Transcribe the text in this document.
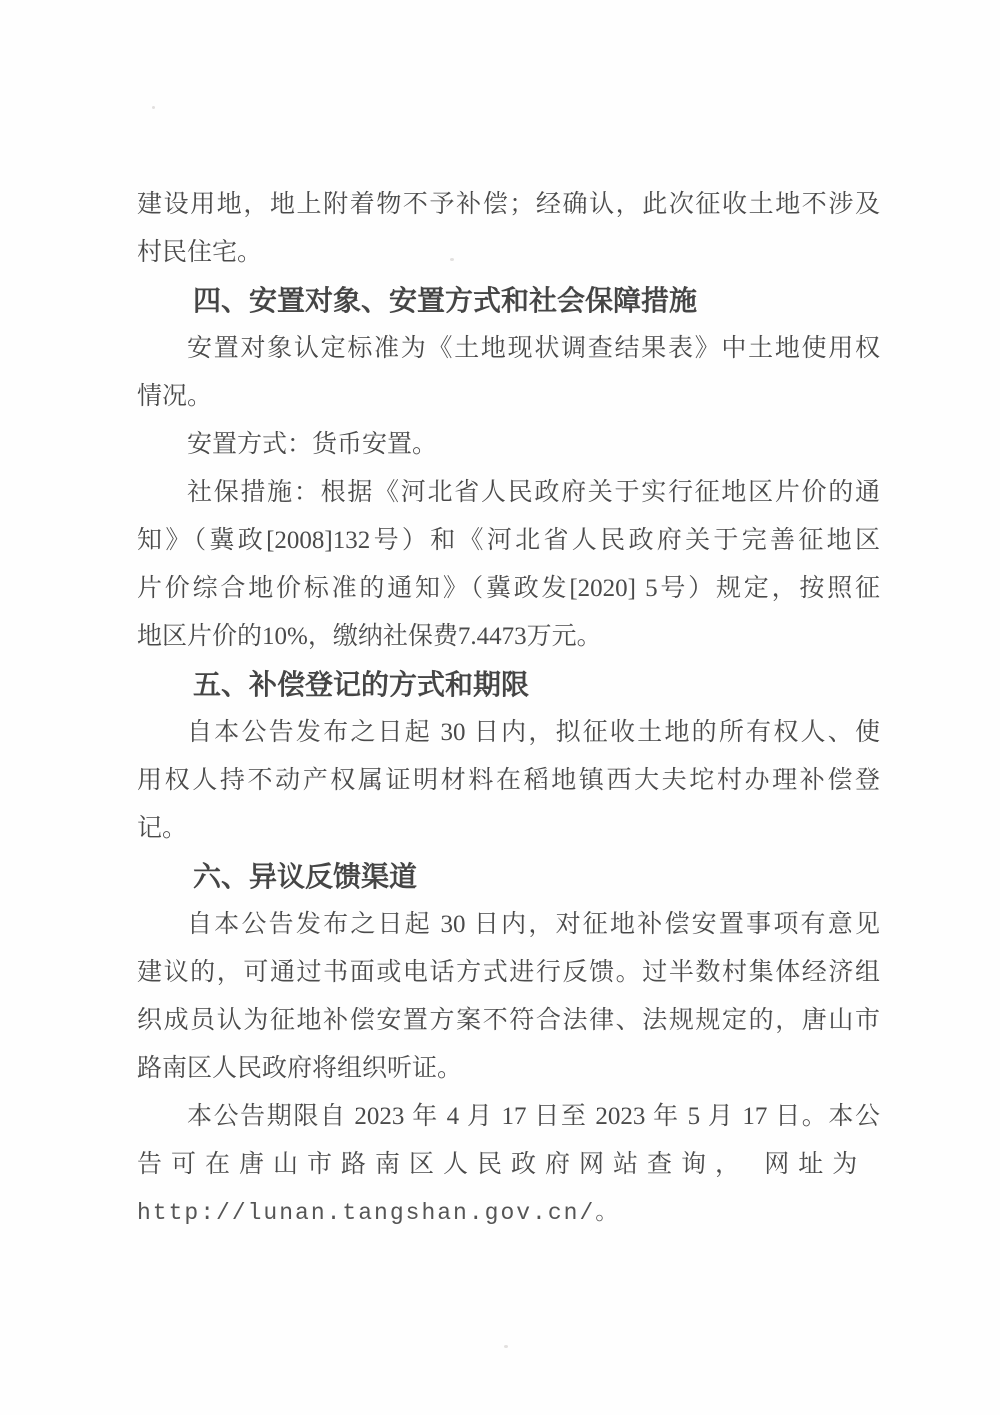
建设用地，地上附着物不予补偿；经确认，此次征收土地不涉及
村民住宅。
四、安置对象、安置方式和社会保障措施
安置对象认定标准为《土地现状调查结果表》中土地使用权
情况。
安置方式：货币安置。
社保措施：根据《河北省人民政府关于实行征地区片价的通
知》（冀政[2008]132号）和《河北省人民政府关于完善征地区
片价综合地价标准的通知》（冀政发[2020] 5号）规定，按照征
地区片价的10%，缴纳社保费7.4473万元。
五、补偿登记的方式和期限
自本公告发布之日起 30 日内，拟征收土地的所有权人、使
用权人持不动产权属证明材料在稻地镇西大夫坨村办理补偿登
记。
六、异议反馈渠道
自本公告发布之日起 30 日内，对征地补偿安置事项有意见
建议的，可通过书面或电话方式进行反馈。过半数村集体经济组
织成员认为征地补偿安置方案不符合法律、法规规定的，唐山市
路南区人民政府将组织听证。
本公告期限自 2023 年 4 月 17 日至 2023 年 5 月 17 日。本公
告可在唐山市路南区人民政府网站查询， 网址为
http://lunan.tangshan.gov.cn/。
